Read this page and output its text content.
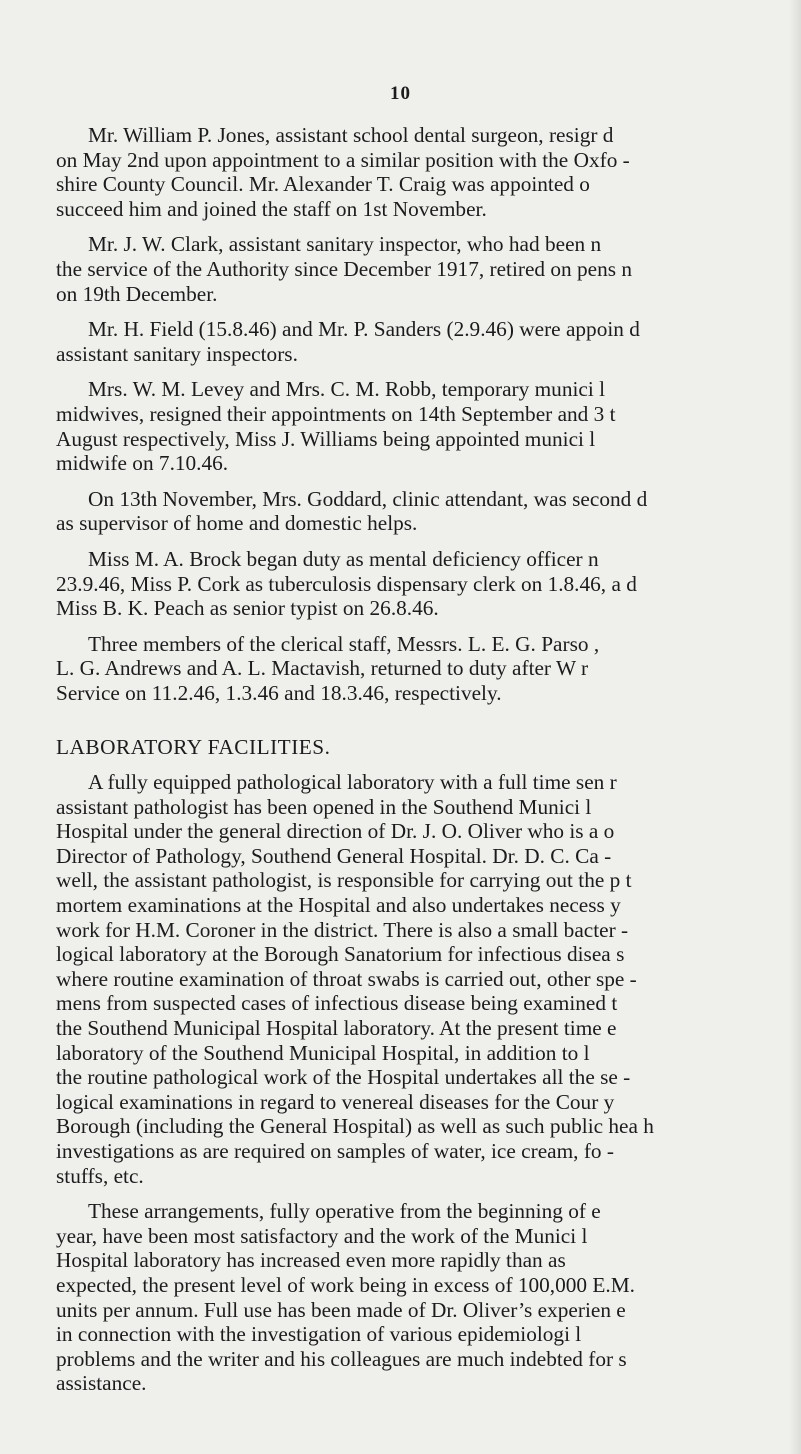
10

Mr. William P. Jones, assistant school dental surgeon, resigr d
on May 2nd upon appointment to a similar position with the Oxfo -
shire County Council. Mr. Alexander T. Craig was appointed o
succeed him and joined the staff on 1st November.

Mr. J. W. Clark, assistant sanitary inspector, who had been n
the service of the Authority since December 1917, retired on pens n
on 19th December.

Mr. H. Field (15.8.46) and Mr. P. Sanders (2.9.46) were appoin d
assistant sanitary inspectors.

Mrs. W. M. Levey and Mrs. C. M. Robb, temporary munici l
midwives, resigned their appointments on 14th September and 3 t
August respectively, Miss J. Williams being appointed munici l
midwife on 7.10.46.

On 13th November, Mrs. Goddard, clinic attendant, was second d
as supervisor of home and domestic helps.

Miss M. A. Brock began duty as mental deficiency officer n
23.9.46, Miss P. Cork as tuberculosis dispensary clerk on 1.8.46, a d
Miss B. K. Peach as senior typist on 26.8.46.

Three members of the clerical staff, Messrs. L. E. G. Parso ,
L. G. Andrews and A. L. Mactavish, returned to duty after W r
Service on 11.2.46, 1.3.46 and 18.3.46, respectively.

LABORATORY FACILITIES.

A fully equipped pathological laboratory with a full time sen r
assistant pathologist has been opened in the Southend Munici l
Hospital under the general direction of Dr. J. O. Oliver who is a o
Director of Pathology, Southend General Hospital. Dr. D. C. Ca -
well, the assistant pathologist, is responsible for carrying out the p t
mortem examinations at the Hospital and also undertakes necess y
work for H.M. Coroner in the district. There is also a small bacter -
logical laboratory at the Borough Sanatorium for infectious disea s
where routine examination of throat swabs is carried out, other spe -
mens from suspected cases of infectious disease being examined t
the Southend Municipal Hospital laboratory. At the present time e
laboratory of the Southend Municipal Hospital, in addition to l
the routine pathological work of the Hospital undertakes all the se -
logical examinations in regard to venereal diseases for the Cour y
Borough (including the General Hospital) as well as such public hea h
investigations as are required on samples of water, ice cream, fo -
stuffs, etc.

These arrangements, fully operative from the beginning of e
year, have been most satisfactory and the work of the Munici l
Hospital laboratory has increased even more rapidly than as
expected, the present level of work being in excess of 100,000 E.M.
units per annum. Full use has been made of Dr. Oliver’s experien e
in connection with the investigation of various epidemiologi l
problems and the writer and his colleagues are much indebted for s
assistance.
